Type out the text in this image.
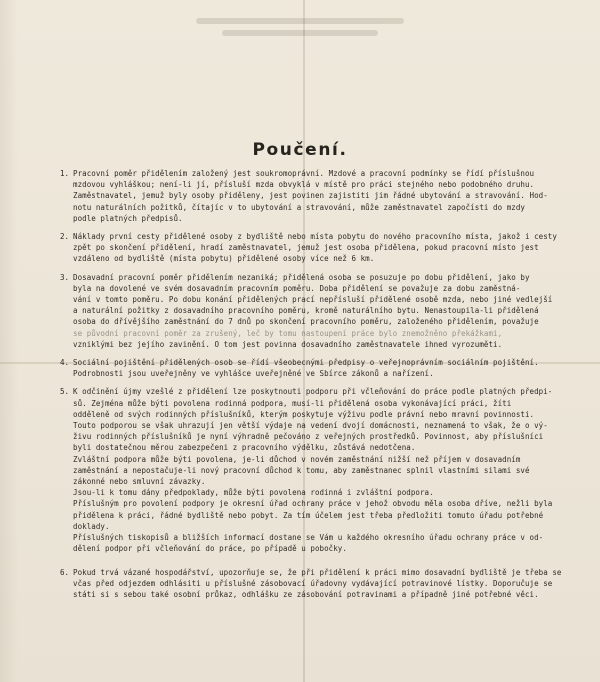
Poučení.
1. Pracovní poměr přidělením založený jest soukromoprávní. Mzdové a pracovní podmínky se řídí příslušnou
mzdovou vyhláškou; není-li jí, přísluší mzda obvyklá v místě pro práci stejného nebo podobného druhu.
Zaměstnavatel, jemuž byly osoby přiděleny, jest povinen zajistiti jim řádné ubytování a stravování. Hod-
notu naturálních požitků, čítajíc v to ubytování a stravování, může zaměstnavatel započísti do mzdy
podle platných předpisů.
2. Náklady první cesty přidělené osoby z bydliště nebo místa pobytu do nového pracovního místa, jakož i cesty
zpět po skončení přidělení, hradí zaměstnavatel, jemuž jest osoba přidělena, pokud pracovní místo jest
vzdáleno od bydliště (místa pobytu) přidělené osoby více než 6 km.
3. Dosavadní pracovní poměr přidělením nezaniká; přidělená osoba se posuzuje po dobu přidělení, jako by
byla na dovolené ve svém dosavadním pracovním poměru. Doba přidělení se považuje za dobu zaměstná-
vání v tomto poměru. Po dobu konání přidělených prací nepřísluší přidělené osobě mzda, nebo jiné vedlejší
a naturální požitky z dosavadního pracovního poměru, kromě naturálního bytu. Nenastoupila-li přidělená
osoba do dřívějšího zaměstnání do 7 dnů po skončení pracovního poměru, založeného přidělením, považuje
se původní pracovní poměr za zrušený, leč by tomu nastoupení práce bylo znemožněno překážkami,
vzniklými bez jejího zavinění. O tom jest povinna dosavadního zaměstnavatele ihned vyrozuměti.
4. Sociální pojištění přidělených osob se řídí všeobecnými předpisy o veřejnoprávním sociálním pojištění.
Podrobnosti jsou uveřejněny ve vyhlášce uveřejněné ve Sbírce zákonů a nařízení.
5. K odčinění újmy vzešlé z přidělení lze poskytnouti podporu při včleňování do práce podle platných předpi-
sů. Zejména může býti povolena rodinná podpora, musí-li přidělená osoba vykonávající práci, žíti
odděleně od svých rodinných příslušníků, kterým poskytuje výživu podle právní nebo mravní povinnosti.
Touto podporou se však uhrazují jen větší výdaje na vedení dvojí domácnosti, neznamená to však, že o vý-
živu rodinných příslušníků je nyní výhradně pečováno z veřejných prostředků. Povinnost, aby příslušníci
byli dostatečnou měrou zabezpečeni z pracovního výdělku, zůstává nedotčena.
Zvláštní podpora může býti povolena, je-li důchod v novém zaměstnání nižší než příjem v dosavadním
zaměstnání a nepostačuje-li nový pracovní důchod k tomu, aby zaměstnanec splnil vlastními silami své
zákonné nebo smluvní závazky.
Jsou-li k tomu dány předpoklady, může býti povolena rodinná i zvláštní podpora.
Příslušným pro povolení podpory je okresní úřad ochrany práce v jehož obvodu měla osoba dříve, nežli byla
přidělena k práci, řádné bydliště nebo pobyt. Za tím účelem jest třeba předložiti tomuto úřadu potřebné
doklady.
Příslušných tiskopisů a bližších informací dostane se Vám u každého okresního úřadu ochrany práce v od-
dělení podpor při včleňování do práce, po případě u pobočky.
6. Pokud trvá vázané hospodářství, upozorňuje se, že při přidělení k práci mimo dosavadní bydliště je třeba se
včas před odjezdem odhlásiti u příslušné zásobovací úřadovny vydávající potravinové lístky. Doporučuje se
státi si s sebou také osobní průkaz, odhlášku ze zásobování potravinami a případně jiné potřebné věci.
